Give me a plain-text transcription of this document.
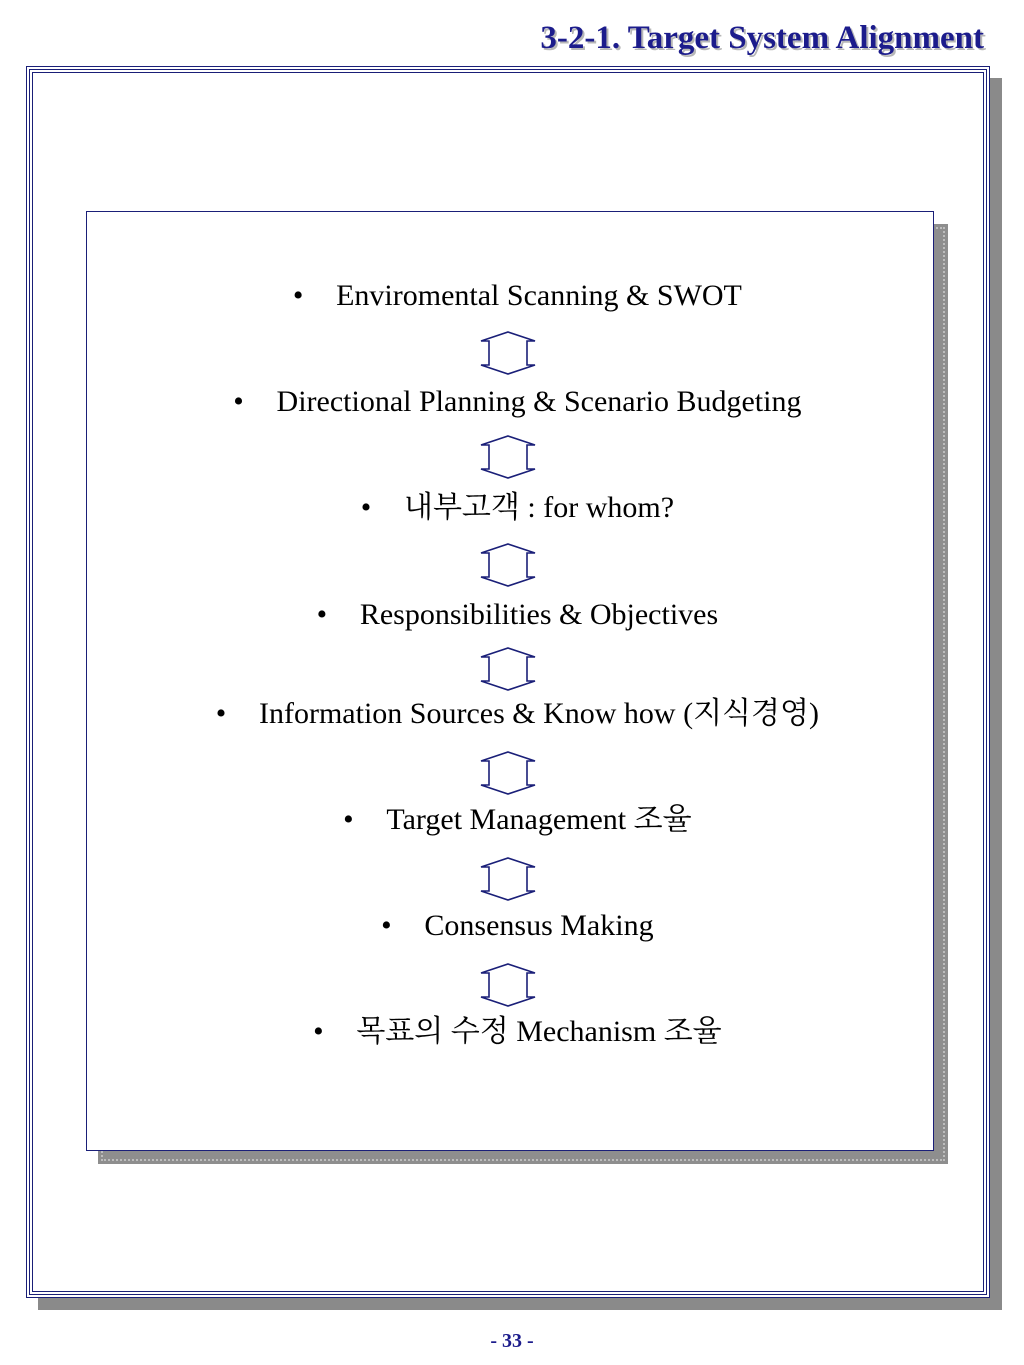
3-2-1. Target System Alignment
• Enviromental Scanning & SWOT
• Directional Planning & Scenario Budgeting
• 내부고객 : for whom?
• Responsibilities & Objectives
• Information Sources & Know how (지식경영)
• Target Management 조율
• Consensus Making
• 목표의 수정 Mechanism 조율
- 33 -
